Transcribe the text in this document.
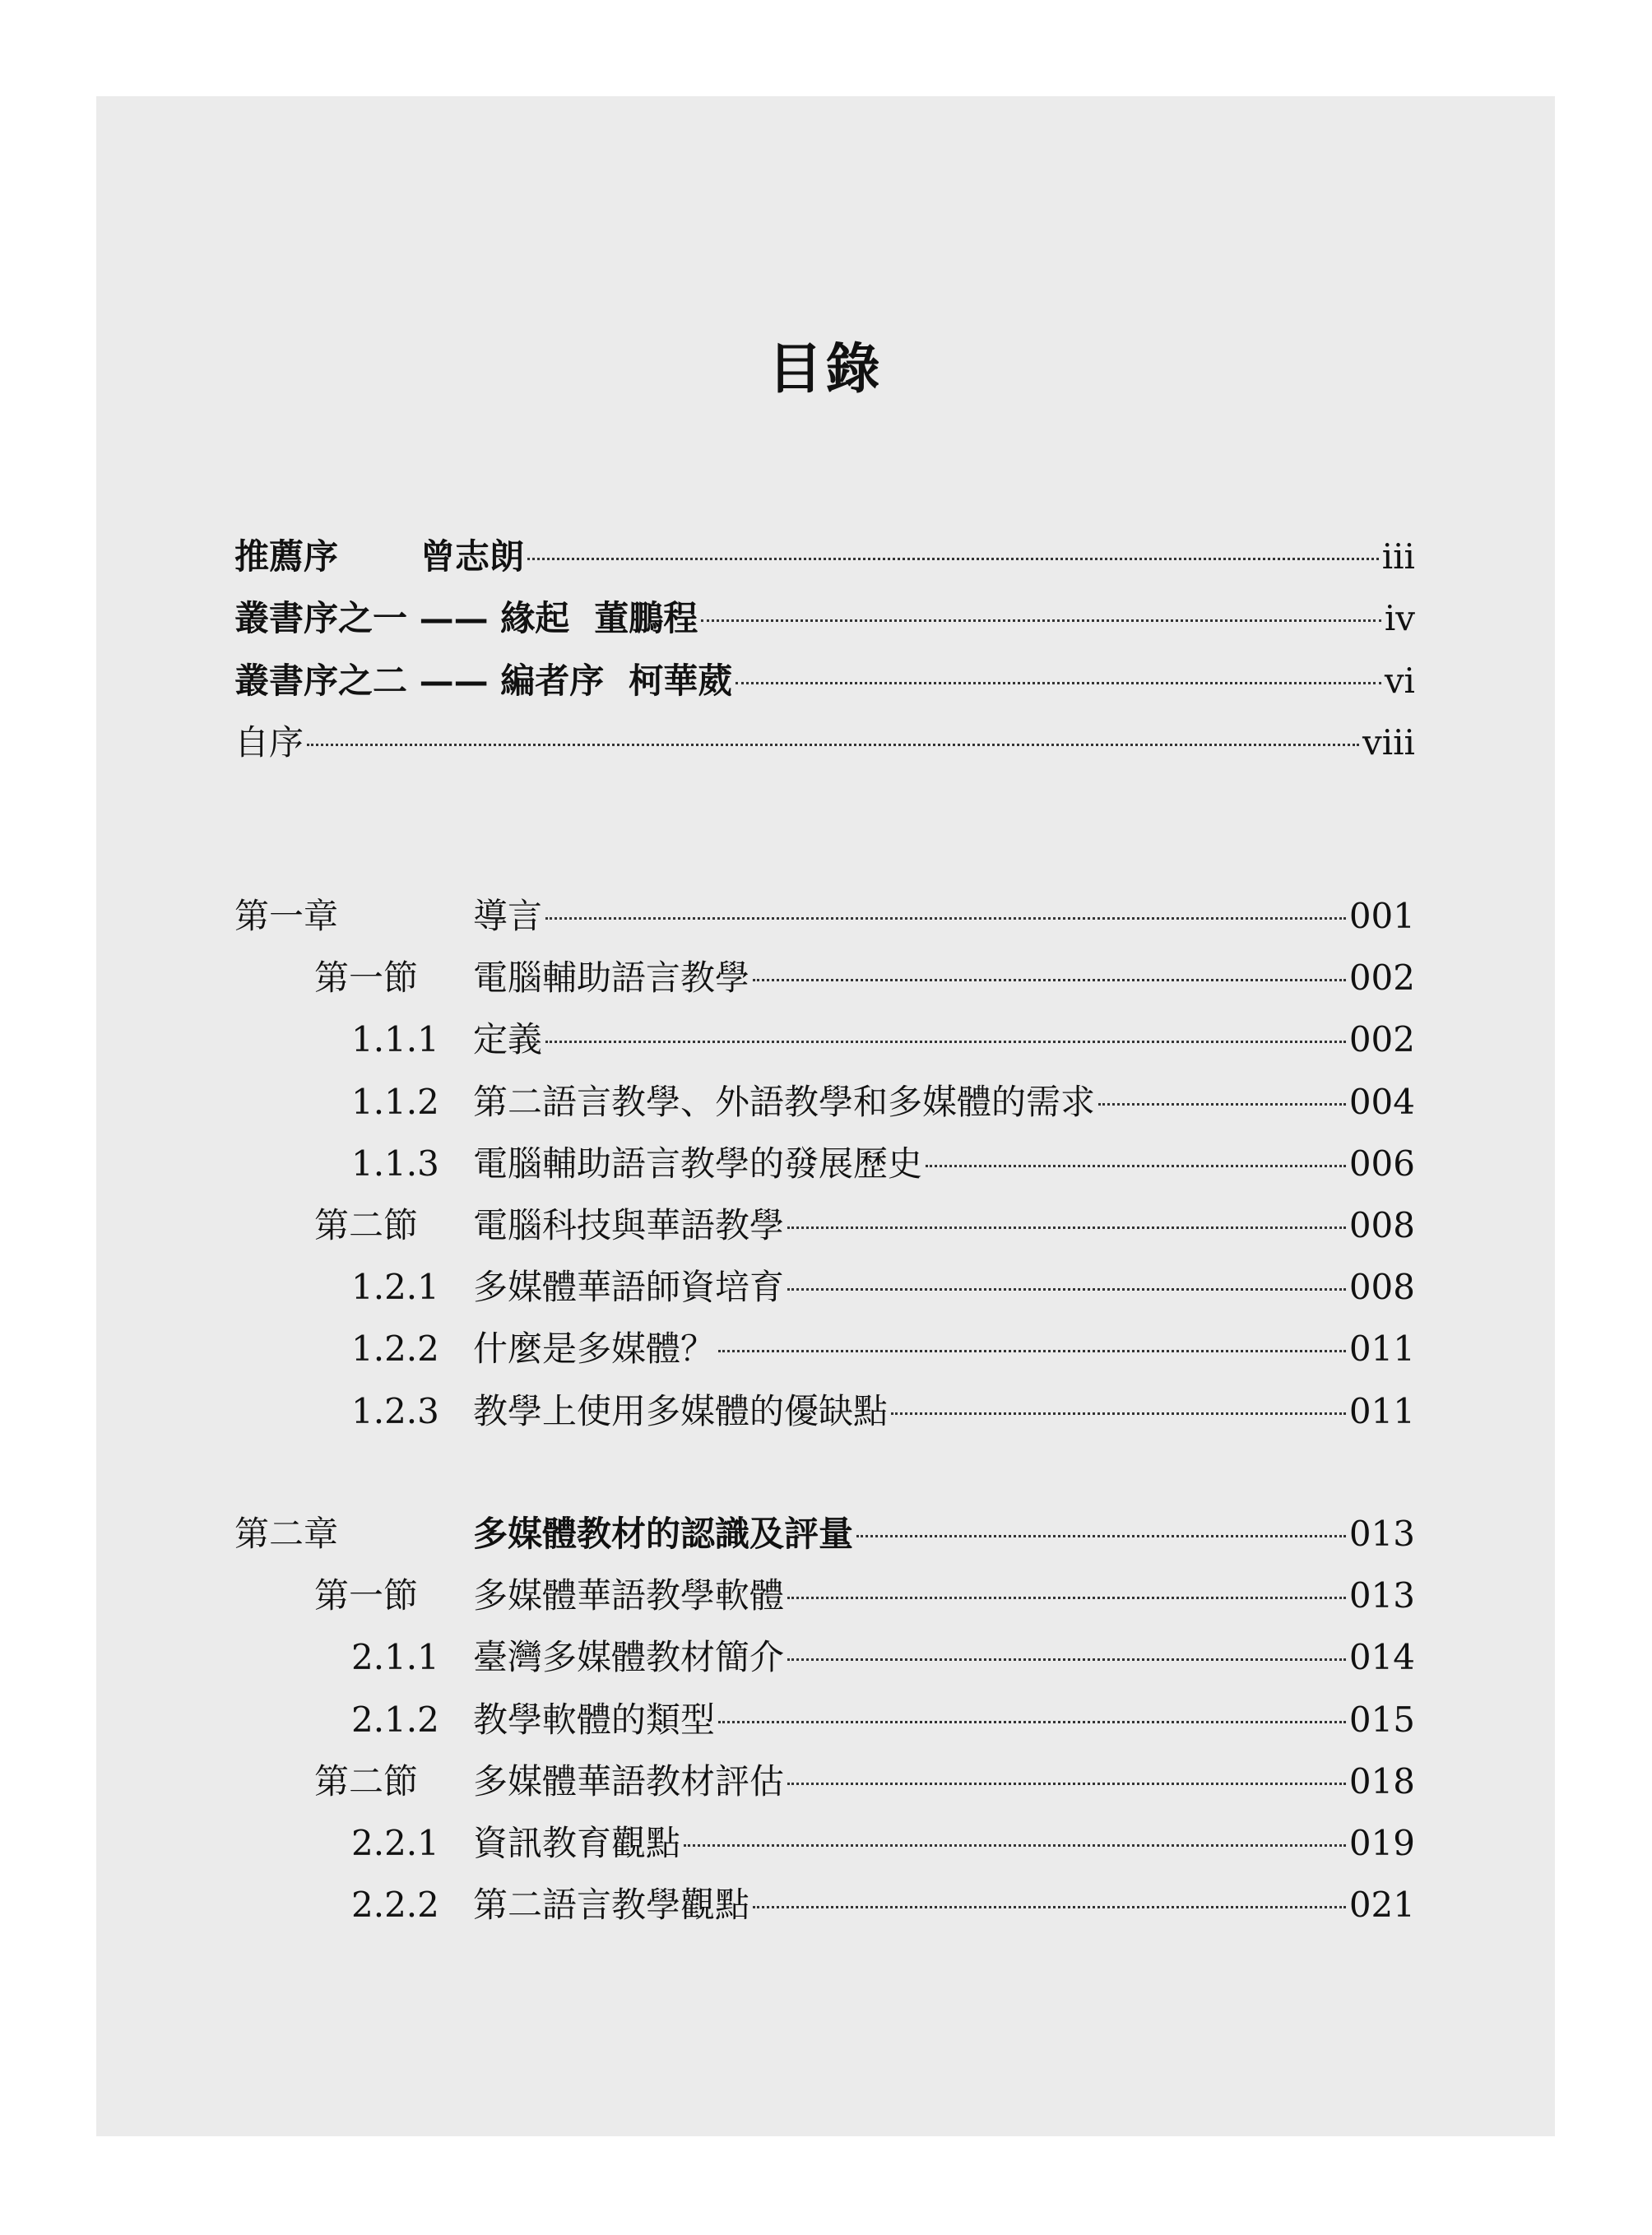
目錄
推薦序 曾志朗	iii
叢書序之一 —— 緣起 董鵬程	iv
叢書序之二 —— 編者序 柯華葳	vi
自序	viii
第一章	導言	001
第一節	電腦輔助語言教學	002
1.1.1 定義	002
1.1.2 第二語言教學、外語教學和多媒體的需求	004
1.1.3 電腦輔助語言教學的發展歷史	006
第二節	電腦科技與華語教學	008
1.2.1 多媒體華語師資培育	008
1.2.2 什麼是多媒體？	011
1.2.3 教學上使用多媒體的優缺點	011
第二章	多媒體教材的認識及評量	013
第一節	多媒體華語教學軟體	013
2.1.1 臺灣多媒體教材簡介	014
2.1.2 教學軟體的類型	015
第二節	多媒體華語教材評估	018
2.2.1 資訊教育觀點	019
2.2.2 第二語言教學觀點	021
